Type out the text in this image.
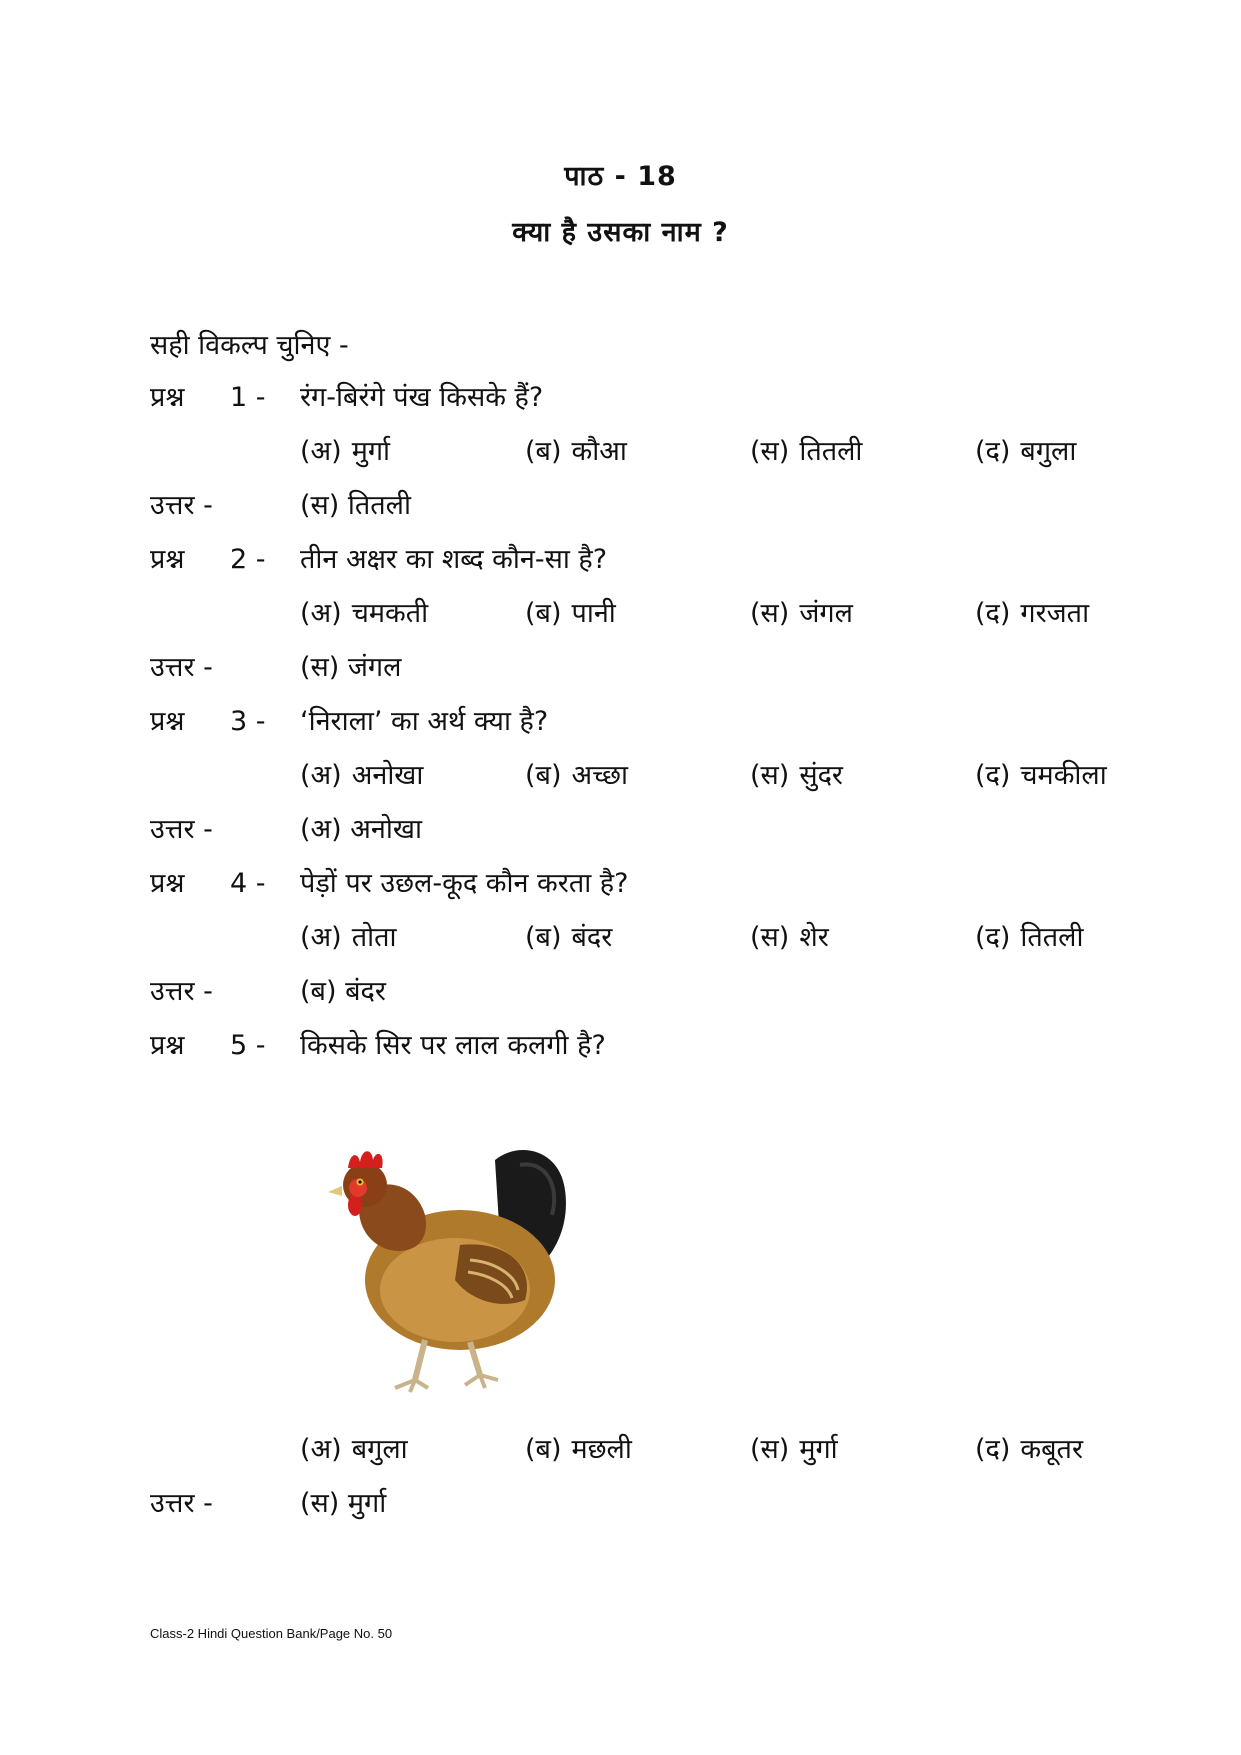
पाठ - 18
क्या है उसका नाम ?
सही विकल्प चुनिए -
प्रश्न 1 - रंग-बिरंगे पंख किसके हैं?
(अ) मुर्गा	(ब) कौआ	(स) तितली	(द) बगुला
उत्तर -	(स) तितली
प्रश्न 2 - तीन अक्षर का शब्द कौन-सा है?
(अ) चमकती	(ब) पानी	(स) जंगल	(द) गरजता
उत्तर -	(स) जंगल
प्रश्न 3 - ‘निराला’ का अर्थ क्या है?
(अ) अनोखा	(ब) अच्छा	(स) सुंदर	(द) चमकीला
उत्तर -	(अ) अनोखा
प्रश्न 4 - पेड़ों पर उछल-कूद कौन करता है?
(अ) तोता	(ब) बंदर	(स) शेर	(द) तितली
उत्तर -	(ब) बंदर
प्रश्न 5 - किसके सिर पर लाल कलगी है?
(अ) बगुला	(ब) मछली	(स) मुर्गा	(द) कबूतर
उत्तर -	(स) मुर्गा
Class-2 Hindi Question Bank/Page No. 50
